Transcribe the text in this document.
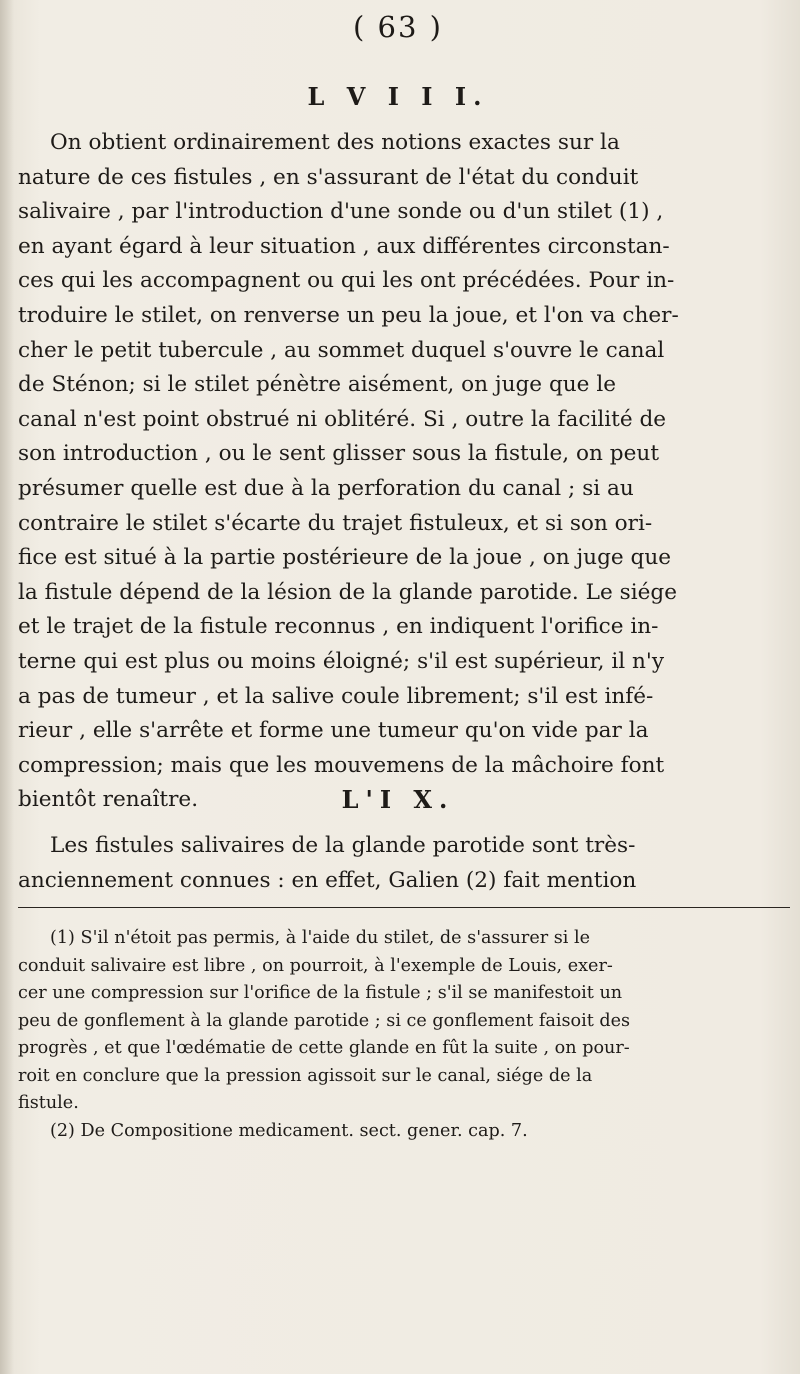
( 63 )
L V I I I.
On obtient ordinairement des notions exactes sur la
nature de ces fistules , en s'assurant de l'état du conduit
salivaire , par l'introduction d'une sonde ou d'un stilet (1) ,
en ayant égard à leur situation , aux différentes circonstan-
ces qui les accompagnent ou qui les ont précédées. Pour in-
troduire le stilet, on renverse un peu la joue, et l'on va cher-
cher le petit tubercule , au sommet duquel s'ouvre le canal
de Sténon; si le stilet pénètre aisément, on juge que le
canal n'est point obstrué ni oblitéré. Si , outre la facilité de
son introduction , ou le sent glisser sous la fistule, on peut
présumer quelle est due à la perforation du canal ; si au
contraire le stilet s'écarte du trajet fistuleux, et si son ori-
fice est situé à la partie postérieure de la joue , on juge que
la fistule dépend de la lésion de la glande parotide. Le siége
et le trajet de la fistule reconnus , en indiquent l'orifice in-
terne qui est plus ou moins éloigné; s'il est supérieur, il n'y
a pas de tumeur , et la salive coule librement; s'il est infé-
rieur , elle s'arrête et forme une tumeur qu'on vide par la
compression; mais que les mouvemens de la mâchoire font
bientôt renaître.	L'I X.
Les fistules salivaires de la glande parotide sont très-
anciennement connues : en effet, Galien (2) fait mention
(1) S'il n'étoit pas permis, à l'aide du stilet, de s'assurer si le
conduit salivaire est libre , on pourroit, à l'exemple de Louis, exer-
cer une compression sur l'orifice de la fistule ; s'il se manifestoit un
peu de gonflement à la glande parotide ; si ce gonflement faisoit des
progrès , et que l'œdématie de cette glande en fût la suite , on pour-
roit en conclure que la pression agissoit sur le canal, siége de la
fistule.
(2) De Compositione medicament. sect. gener. cap. 7.
